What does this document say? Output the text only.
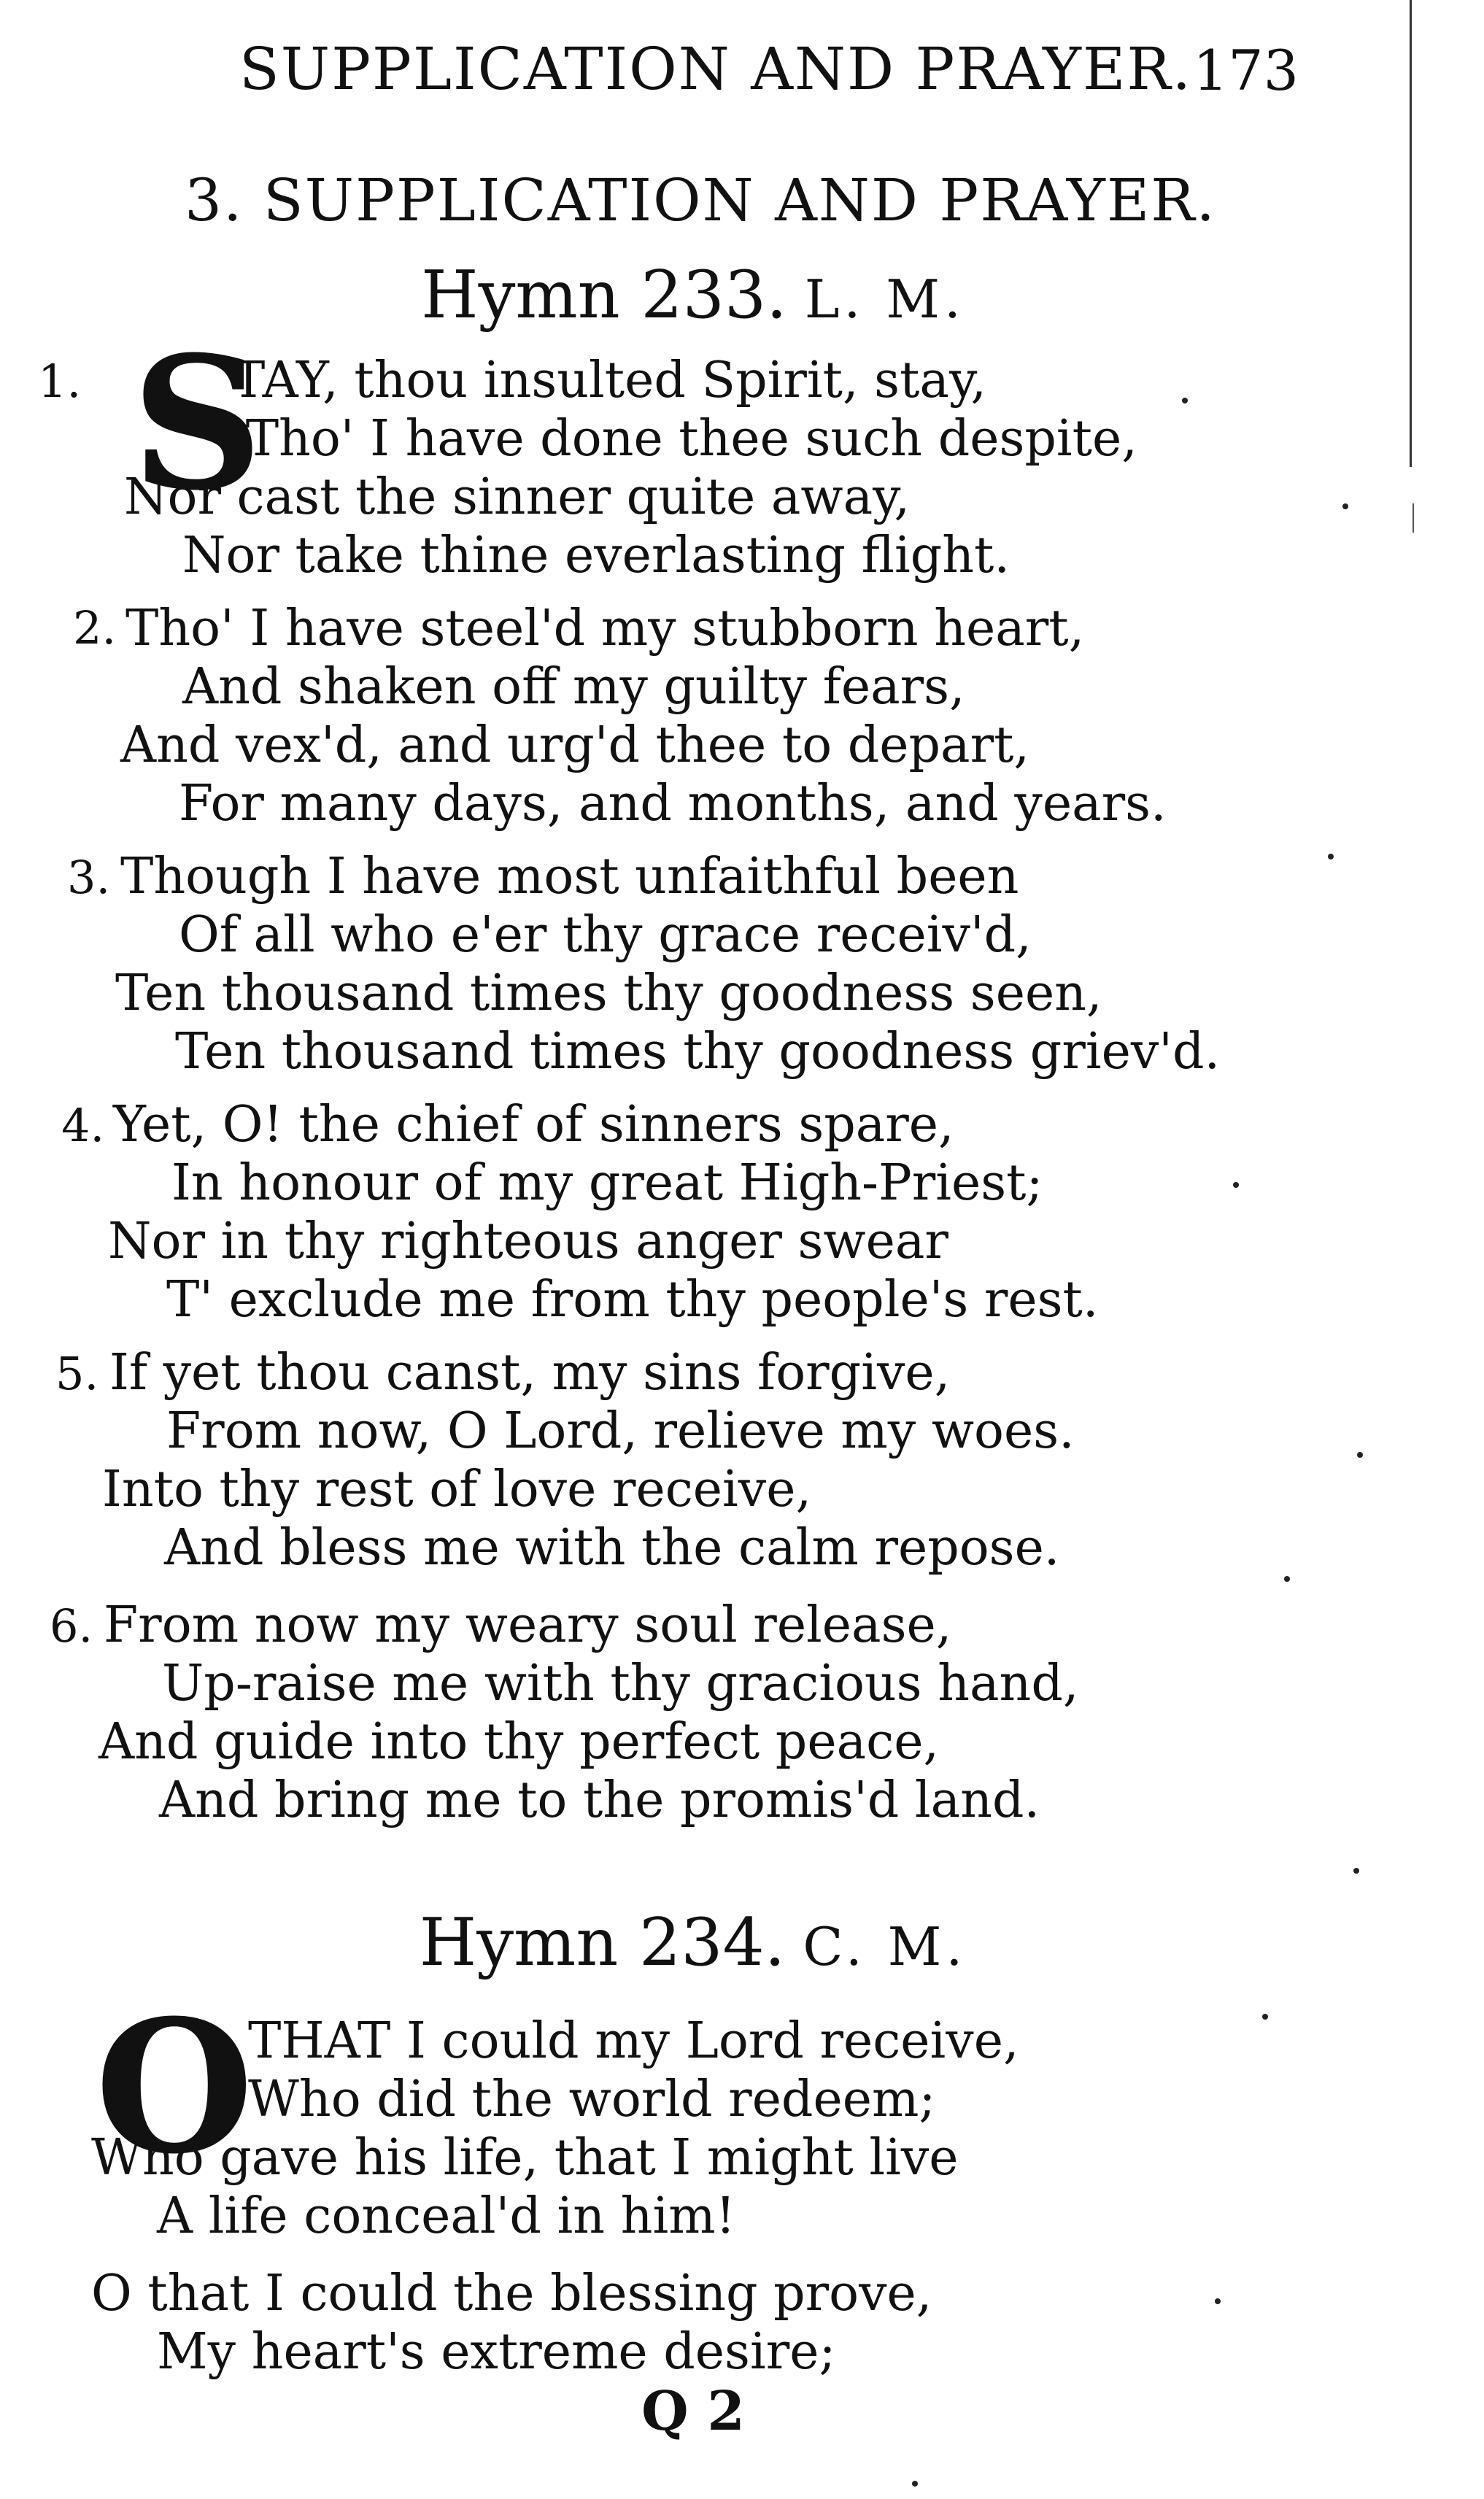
SUPPLICATION AND PRAYER. 173
3. SUPPLICATION AND PRAYER.
Hymn 233. L. M.
1. S
TAY, thou insulted Spirit, stay,
'Tho' I have done thee such despite,
Nor cast the sinner quite away,
Nor take thine everlasting flight.
2. Tho' I have steel'd my stubborn heart,
And shaken off my guilty fears,
And vex'd, and urg'd thee to depart,
For many days, and months, and years.
3. Though I have most unfaithful been
Of all who e'er thy grace receiv'd,
Ten thousand times thy goodness seen,
Ten thousand times thy goodness griev'd.
4. Yet, O! the chief of sinners spare,
In honour of my great High-Priest;
Nor in thy righteous anger swear
T' exclude me from thy people's rest.
5. If yet thou canst, my sins forgive,
From now, O Lord, relieve my woes.
Into thy rest of love receive,
And bless me with the calm repose.
6. From now my weary soul release,
Up-raise me with thy gracious hand,
And guide into thy perfect peace,
And bring me to the promis'd land.
Hymn 234. C. M.
O
THAT I could my Lord receive,
Who did the world redeem;
Who gave his life, that I might live
A life conceal'd in him!
O that I could the blessing prove,
My heart's extreme desire;
Q 2
